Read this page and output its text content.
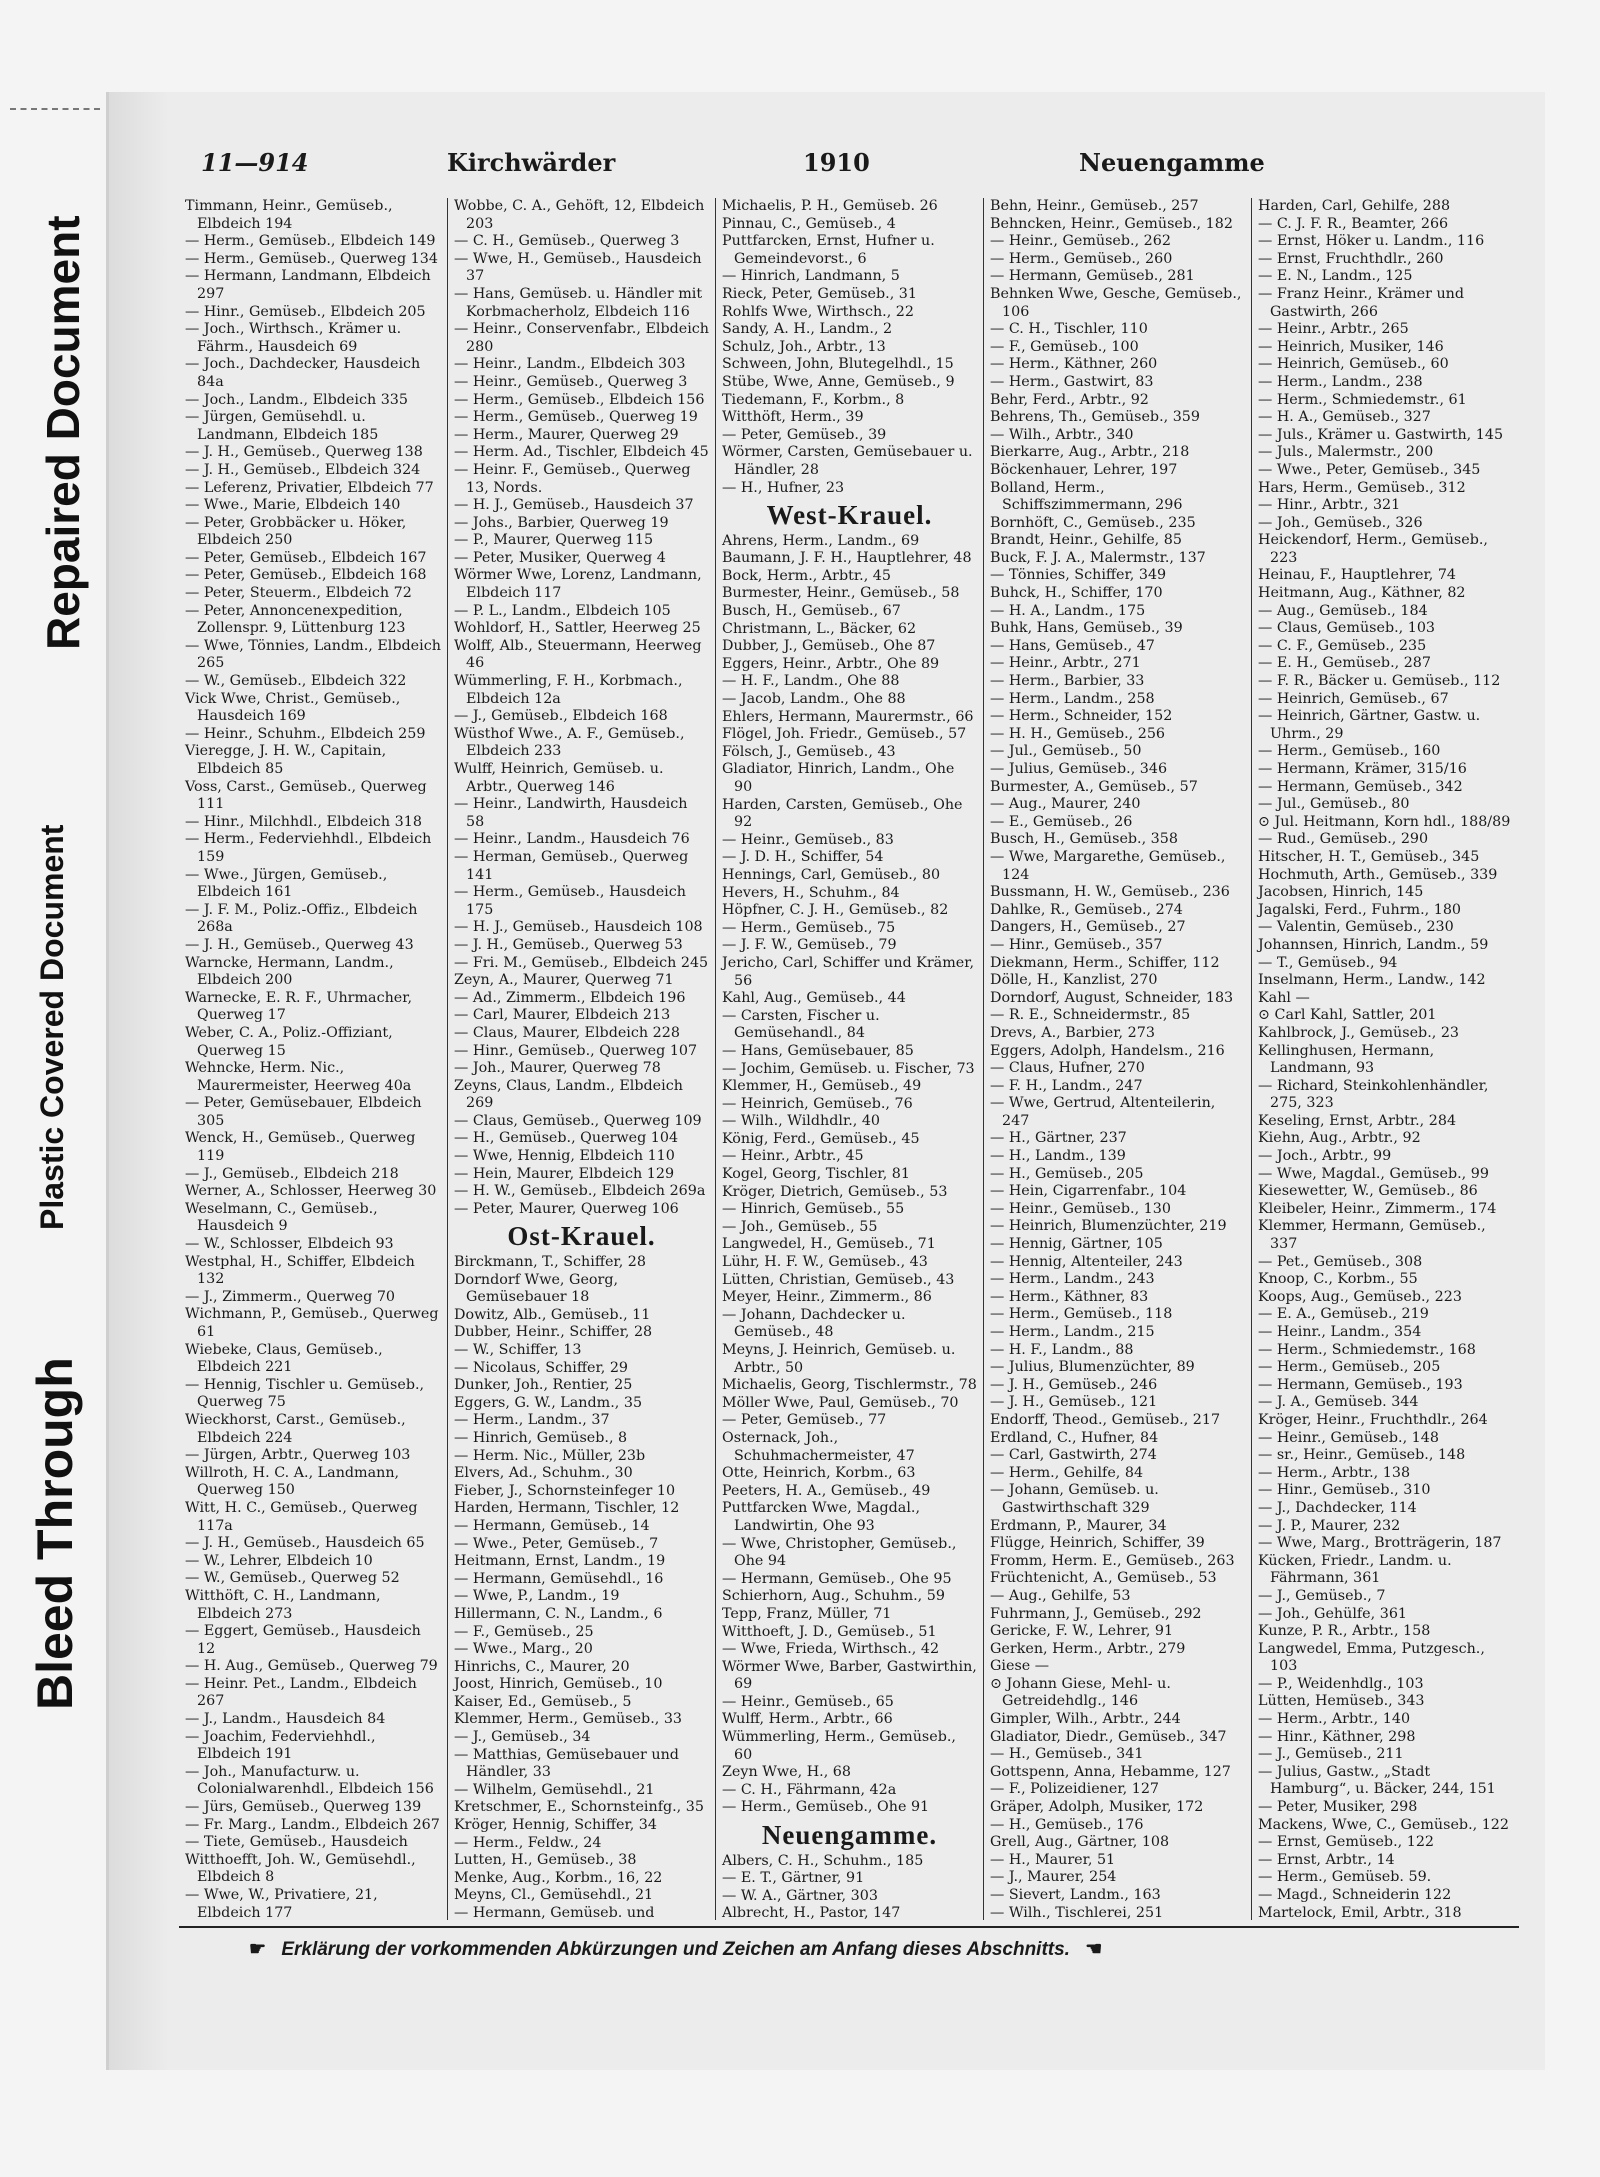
Repaired Document
Plastic Covered Document
Bleed Through
11—914	Kirchwärder	1910	Neuengamme

Timmann, Heinr., Gemüseb., Elbdeich 194

— Herm., Gemüseb., Elbdeich 149

— Herm., Gemüseb., Querweg 134

— Hermann, Landmann, Elbdeich 297

— Hinr., Gemüseb., Elbdeich 205

— Joch., Wirthsch., Krämer u. Fährm., Hausdeich 69

— Joch., Dachdecker, Hausdeich 84a

— Joch., Landm., Elbdeich 335

— Jürgen, Gemüsehdl. u. Landmann, Elbdeich 185

— J. H., Gemüseb., Querweg 138

— J. H., Gemüseb., Elbdeich 324

— Leferenz, Privatier, Elbdeich 77

— Wwe., Marie, Elbdeich 140

— Peter, Grobbäcker u. Höker, Elbdeich 250

— Peter, Gemüseb., Elbdeich 167

— Peter, Gemüseb., Elbdeich 168

— Peter, Steuerm., Elbdeich 72

— Peter, Annoncenexpedition, Zollenspr. 9, Lüttenburg 123

— Wwe, Tönnies, Landm., Elbdeich 265

— W., Gemüseb., Elbdeich 322

Vick Wwe, Christ., Gemüseb., Hausdeich 169

— Heinr., Schuhm., Elbdeich 259

Vieregge, J. H. W., Capitain, Elbdeich 85

Voss, Carst., Gemüseb., Querweg 111

— Hinr., Milchhdl., Elbdeich 318

— Herm., Federviehhdl., Elbdeich 159

— Wwe., Jürgen, Gemüseb., Elbdeich 161

— J. F. M., Poliz.-Offiz., Elbdeich 268a

— J. H., Gemüseb., Querweg 43

Warncke, Hermann, Landm., Elbdeich 200

Warnecke, E. R. F., Uhrmacher, Querweg 17

Weber, C. A., Poliz.-Offiziant, Querweg 15

Wehncke, Herm. Nic., Maurermeister, Heerweg 40a

— Peter, Gemüsebauer, Elbdeich 305

Wenck, H., Gemüseb., Querweg 119

— J., Gemüseb., Elbdeich 218

Werner, A., Schlosser, Heerweg 30

Weselmann, C., Gemüseb., Hausdeich 9

— W., Schlosser, Elbdeich 93

Westphal, H., Schiffer, Elbdeich 132

— J., Zimmerm., Querweg 70

Wichmann, P., Gemüseb., Querweg 61

Wiebeke, Claus, Gemüseb., Elbdeich 221

— Hennig, Tischler u. Gemüseb., Querweg 75

Wieckhorst, Carst., Gemüseb., Elbdeich 224

— Jürgen, Arbtr., Querweg 103

Willroth, H. C. A., Landmann, Querweg 150

Witt, H. C., Gemüseb., Querweg 117a

— J. H., Gemüseb., Hausdeich 65

— W., Lehrer, Elbdeich 10

— W., Gemüseb., Querweg 52

Witthöft, C. H., Landmann, Elbdeich 273

— Eggert, Gemüseb., Hausdeich 12

— H. Aug., Gemüseb., Querweg 79

— Heinr. Pet., Landm., Elbdeich 267

— J., Landm., Hausdeich 84

— Joachim, Federviehhdl., Elbdeich 191

— Joh., Manufacturw. u. Colonialwarenhdl., Elbdeich 156

— Jürs, Gemüseb., Querweg 139

— Fr. Marg., Landm., Elbdeich 267

— Tiete, Gemüseb., Hausdeich

Witthoefft, Joh. W., Gemüsehdl., Elbdeich 8

— Wwe, W., Privatiere, 21, Elbdeich 177

Wobbe, C. A., Gehöft, 12, Elbdeich 203

— C. H., Gemüseb., Querweg 3

— Wwe, H., Gemüseb., Hausdeich 37

— Hans, Gemüseb. u. Händler mit Korbmacherholz, Elbdeich 116

— Heinr., Conservenfabr., Elbdeich 280

— Heinr., Landm., Elbdeich 303

— Heinr., Gemüseb., Querweg 3

— Herm., Gemüseb., Elbdeich 156

— Herm., Gemüseb., Querweg 19

— Herm., Maurer, Querweg 29

— Herm. Ad., Tischler, Elbdeich 45

— Heinr. F., Gemüseb., Querweg 13, Nords.

— H. J., Gemüseb., Hausdeich 37

— Johs., Barbier, Querweg 19

— P., Maurer, Querweg 115

— Peter, Musiker, Querweg 4

Wörmer Wwe, Lorenz, Landmann, Elbdeich 117

— P. L., Landm., Elbdeich 105

Wohldorf, H., Sattler, Heerweg 25

Wolff, Alb., Steuermann, Heerweg 46

Wümmerling, F. H., Korbmach., Elbdeich 12a

— J., Gemüseb., Elbdeich 168

Wüsthof Wwe., A. F., Gemüseb., Elbdeich 233

Wulff, Heinrich, Gemüseb. u. Arbtr., Querweg 146

— Heinr., Landwirth, Hausdeich 58

— Heinr., Landm., Hausdeich 76

— Herman, Gemüseb., Querweg 141

— Herm., Gemüseb., Hausdeich 175

— H. J., Gemüseb., Hausdeich 108

— J. H., Gemüseb., Querweg 53

— Fri. M., Gemüseb., Elbdeich 245

Zeyn, A., Maurer, Querweg 71

— Ad., Zimmerm., Elbdeich 196

— Carl, Maurer, Elbdeich 213

— Claus, Maurer, Elbdeich 228

— Hinr., Gemüseb., Querweg 107

— Joh., Maurer, Querweg 78

Zeyns, Claus, Landm., Elbdeich 269

— Claus, Gemüseb., Querweg 109

— H., Gemüseb., Querweg 104

— Wwe, Hennig, Elbdeich 110

— Hein, Maurer, Elbdeich 129

— H. W., Gemüseb., Elbdeich 269a

— Peter, Maurer, Querweg 106

Ost-Krauel.

Birckmann, T., Schiffer, 28

Dorndorf Wwe, Georg, Gemüsebauer 18

Dowitz, Alb., Gemüseb., 11

Dubber, Heinr., Schiffer, 28

— W., Schiffer, 13

— Nicolaus, Schiffer, 29

Dunker, Joh., Rentier, 25

Eggers, G. W., Landm., 35

— Herm., Landm., 37

— Hinrich, Gemüseb., 8

— Herm. Nic., Müller, 23b

Elvers, Ad., Schuhm., 30

Fieber, J., Schornsteinfeger 10

Harden, Hermann, Tischler, 12

— Hermann, Gemüseb., 14

— Wwe., Peter, Gemüseb., 7

Heitmann, Ernst, Landm., 19

— Hermann, Gemüsehdl., 16

— Wwe, P., Landm., 19

Hillermann, C. N., Landm., 6

— F., Gemüseb., 25

— Wwe., Marg., 20

Hinrichs, C., Maurer, 20

Joost, Hinrich, Gemüseb., 10

Kaiser, Ed., Gemüseb., 5

Klemmer, Herm., Gemüseb., 33

— J., Gemüseb., 34

— Matthias, Gemüsebauer und Händler, 33

— Wilhelm, Gemüsehdl., 21

Kretschmer, E., Schornsteinfg., 35

Kröger, Hennig, Schiffer, 34

— Herm., Feldw., 24

Lutten, H., Gemüseb., 38

Menke, Aug., Korbm., 16, 22

Meyns, Cl., Gemüsehdl., 21

— Hermann, Gemüseb. und

Michaelis, P. H., Gemüseb. 26

Pinnau, C., Gemüseb., 4

Puttfarcken, Ernst, Hufner u. Gemeindevorst., 6

— Hinrich, Landmann, 5

Rieck, Peter, Gemüseb., 31

Rohlfs Wwe, Wirthsch., 22

Sandy, A. H., Landm., 2

Schulz, Joh., Arbtr., 13

Schween, John, Blutegelhdl., 15

Stübe, Wwe, Anne, Gemüseb., 9

Tiedemann, F., Korbm., 8

Witthöft, Herm., 39

— Peter, Gemüseb., 39

Wörmer, Carsten, Gemüsebauer u. Händler, 28

— H., Hufner, 23

West-Krauel.

Ahrens, Herm., Landm., 69

Baumann, J. F. H., Hauptlehrer, 48

Bock, Herm., Arbtr., 45

Burmester, Heinr., Gemüseb., 58

Busch, H., Gemüseb., 67

Christmann, L., Bäcker, 62

Dubber, J., Gemüseb., Ohe 87

Eggers, Heinr., Arbtr., Ohe 89

— H. F., Landm., Ohe 88

— Jacob, Landm., Ohe 88

Ehlers, Hermann, Maurermstr., 66

Flögel, Joh. Friedr., Gemüseb., 57

Fölsch, J., Gemüseb., 43

Gladiator, Hinrich, Landm., Ohe 90

Harden, Carsten, Gemüseb., Ohe 92

— Heinr., Gemüseb., 83

— J. D. H., Schiffer, 54

Hennings, Carl, Gemüseb., 80

Hevers, H., Schuhm., 84

Höpfner, C. J. H., Gemüseb., 82

— Herm., Gemüseb., 75

— J. F. W., Gemüseb., 79

Jericho, Carl, Schiffer und Krämer, 56

Kahl, Aug., Gemüseb., 44

— Carsten, Fischer u. Gemüsehandl., 84

— Hans, Gemüsebauer, 85

— Jochim, Gemüseb. u. Fischer, 73

Klemmer, H., Gemüseb., 49

— Heinrich, Gemüseb., 76

— Wilh., Wildhdlr., 40

König, Ferd., Gemüseb., 45

— Heinr., Arbtr., 45

Kogel, Georg, Tischler, 81

Kröger, Dietrich, Gemüseb., 53

— Hinrich, Gemüseb., 55

— Joh., Gemüseb., 55

Langwedel, H., Gemüseb., 71

Lühr, H. F. W., Gemüseb., 43

Lütten, Christian, Gemüseb., 43

Meyer, Heinr., Zimmerm., 86

— Johann, Dachdecker u. Gemüseb., 48

Meyns, J. Heinrich, Gemüseb. u. Arbtr., 50

Michaelis, Georg, Tischlermstr., 78

Möller Wwe, Paul, Gemüseb., 70

— Peter, Gemüseb., 77

Osternack, Joh., Schuhmachermeister, 47

Otte, Heinrich, Korbm., 63

Peeters, H. A., Gemüseb., 49

Puttfarcken Wwe, Magdal., Landwirtin, Ohe 93

— Wwe, Christopher, Gemüseb., Ohe 94

— Hermann, Gemüseb., Ohe 95

Schierhorn, Aug., Schuhm., 59

Tepp, Franz, Müller, 71

Witthoeft, J. D., Gemüseb., 51

— Wwe, Frieda, Wirthsch., 42

Wörmer Wwe, Barber, Gastwirthin, 69

— Heinr., Gemüseb., 65

Wulff, Herm., Arbtr., 66

Wümmerling, Herm., Gemüseb., 60

Zeyn Wwe, H., 68

— C. H., Fährmann, 42a

— Herm., Gemüseb., Ohe 91

Neuengamme.

Albers, C. H., Schuhm., 185

— E. T., Gärtner, 91

— W. A., Gärtner, 303

Albrecht, H., Pastor, 147

Behn, Heinr., Gemüseb., 257

Behncken, Heinr., Gemüseb., 182

— Heinr., Gemüseb., 262

— Herm., Gemüseb., 260

— Hermann, Gemüseb., 281

Behnken Wwe, Gesche, Gemüseb., 106

— C. H., Tischler, 110

— F., Gemüseb., 100

— Herm., Käthner, 260

— Herm., Gastwirt, 83

Behr, Ferd., Arbtr., 92

Behrens, Th., Gemüseb., 359

— Wilh., Arbtr., 340

Bierkarre, Aug., Arbtr., 218

Böckenhauer, Lehrer, 197

Bolland, Herm., Schiffszimmermann, 296

Bornhöft, C., Gemüseb., 235

Brandt, Heinr., Gehilfe, 85

Buck, F. J. A., Malermstr., 137

— Tönnies, Schiffer, 349

Buhck, H., Schiffer, 170

— H. A., Landm., 175

Buhk, Hans, Gemüseb., 39

— Hans, Gemüseb., 47

— Heinr., Arbtr., 271

— Herm., Barbier, 33

— Herm., Landm., 258

— Herm., Schneider, 152

— H. H., Gemüseb., 256

— Jul., Gemüseb., 50

— Julius, Gemüseb., 346

Burmester, A., Gemüseb., 57

— Aug., Maurer, 240

— E., Gemüseb., 26

Busch, H., Gemüseb., 358

— Wwe, Margarethe, Gemüseb., 124

Bussmann, H. W., Gemüseb., 236

Dahlke, R., Gemüseb., 274

Dangers, H., Gemüseb., 27

— Hinr., Gemüseb., 357

Diekmann, Herm., Schiffer, 112

Dölle, H., Kanzlist, 270

Dorndorf, August, Schneider, 183

— R. E., Schneidermstr., 85

Drevs, A., Barbier, 273

Eggers, Adolph, Handelsm., 216

— Claus, Hufner, 270

— F. H., Landm., 247

— Wwe, Gertrud, Altenteilerin, 247

— H., Gärtner, 237

— H., Landm., 139

— H., Gemüseb., 205

— Hein, Cigarrenfabr., 104

— Heinr., Gemüseb., 130

— Heinrich, Blumenzüchter, 219

— Hennig, Gärtner, 105

— Hennig, Altenteiler, 243

— Herm., Landm., 243

— Herm., Käthner, 83

— Herm., Gemüseb., 118

— Herm., Landm., 215

— H. F., Landm., 88

— Julius, Blumenzüchter, 89

— J. H., Gemüseb., 246

— J. H., Gemüseb., 121

Endorff, Theod., Gemüseb., 217

Erdland, C., Hufner, 84

— Carl, Gastwirth, 274

— Herm., Gehilfe, 84

— Johann, Gemüseb. u. Gastwirthschaft 329

Erdmann, P., Maurer, 34

Flügge, Heinrich, Schiffer, 39

Fromm, Herm. E., Gemüseb., 263

Früchtenicht, A., Gemüseb., 53

— Aug., Gehilfe, 53

Fuhrmann, J., Gemüseb., 292

Gericke, F. W., Lehrer, 91

Gerken, Herm., Arbtr., 279

Giese —

⊙ Johann Giese, Mehl- u. Getreidehdlg., 146

Gimpler, Wilh., Arbtr., 244

Gladiator, Diedr., Gemüseb., 347

— H., Gemüseb., 341

Gottspenn, Anna, Hebamme, 127

— F., Polizeidiener, 127

Gräper, Adolph, Musiker, 172

— H., Gemüseb., 176

Grell, Aug., Gärtner, 108

— H., Maurer, 51

— J., Maurer, 254

— Sievert, Landm., 163

— Wilh., Tischlerei, 251

Harden, Carl, Gehilfe, 288

— C. J. F. R., Beamter, 266

— Ernst, Höker u. Landm., 116

— Ernst, Fruchthdlr., 260

— E. N., Landm., 125

— Franz Heinr., Krämer und Gastwirth, 266

— Heinr., Arbtr., 265

— Heinrich, Musiker, 146

— Heinrich, Gemüseb., 60

— Herm., Landm., 238

— Herm., Schmiedemstr., 61

— H. A., Gemüseb., 327

— Juls., Krämer u. Gastwirth, 145

— Juls., Malermstr., 200

— Wwe., Peter, Gemüseb., 345

Hars, Herm., Gemüseb., 312

— Hinr., Arbtr., 321

— Joh., Gemüseb., 326

Heickendorf, Herm., Gemüseb., 223

Heinau, F., Hauptlehrer, 74

Heitmann, Aug., Käthner, 82

— Aug., Gemüseb., 184

— Claus, Gemüseb., 103

— C. F., Gemüseb., 235

— E. H., Gemüseb., 287

— F. R., Bäcker u. Gemüseb., 112

— Heinrich, Gemüseb., 67

— Heinrich, Gärtner, Gastw. u. Uhrm., 29

— Herm., Gemüseb., 160

— Hermann, Krämer, 315/16

— Hermann, Gemüseb., 342

— Jul., Gemüseb., 80

⊙ Jul. Heitmann, Korn hdl., 188/89

— Rud., Gemüseb., 290

Hitscher, H. T., Gemüseb., 345

Hochmuth, Arth., Gemüseb., 339

Jacobsen, Hinrich, 145

Jagalski, Ferd., Fuhrm., 180

— Valentin, Gemüseb., 230

Johannsen, Hinrich, Landm., 59

— T., Gemüseb., 94

Inselmann, Herm., Landw., 142

Kahl —

⊙ Carl Kahl, Sattler, 201

Kahlbrock, J., Gemüseb., 23

Kellinghusen, Hermann, Landmann, 93

— Richard, Steinkohlenhändler, 275, 323

Keseling, Ernst, Arbtr., 284

Kiehn, Aug., Arbtr., 92

— Joch., Arbtr., 99

— Wwe, Magdal., Gemüseb., 99

Kiesewetter, W., Gemüseb., 86

Kleibeler, Heinr., Zimmerm., 174

Klemmer, Hermann, Gemüseb., 337

— Pet., Gemüseb., 308

Knoop, C., Korbm., 55

Koops, Aug., Gemüseb., 223

— E. A., Gemüseb., 219

— Heinr., Landm., 354

— Herm., Schmiedemstr., 168

— Herm., Gemüseb., 205

— Hermann, Gemüseb., 193

— J. A., Gemüseb. 344

Kröger, Heinr., Fruchthdlr., 264

— Heinr., Gemüseb., 148

— sr., Heinr., Gemüseb., 148

— Herm., Arbtr., 138

— Hinr., Gemüseb., 310

— J., Dachdecker, 114

— J. P., Maurer, 232

— Wwe, Marg., Brotträgerin, 187

Kücken, Friedr., Landm. u. Fährmann, 361

— J., Gemüseb., 7

— Joh., Gehülfe, 361

Kunze, P. R., Arbtr., 158

Langwedel, Emma, Putzgesch., 103

— P., Weidenhdlg., 103

Lütten, Hemüseb., 343

— Herm., Arbtr., 140

— Hinr., Käthner, 298

— J., Gemüseb., 211

— Julius, Gastw., „Stadt Hamburg“, u. Bäcker, 244, 151

— Peter, Musiker, 298

Mackens, Wwe, C., Gemüseb., 122

— Ernst, Gemüseb., 122

— Ernst, Arbtr., 14

— Herm., Gemüseb. 59.

— Magd., Schneiderin 122

Martelock, Emil, Arbtr., 318

☛ Erklärung der vorkommenden Abkürzungen und Zeichen am Anfang dieses Abschnitts. ☚
